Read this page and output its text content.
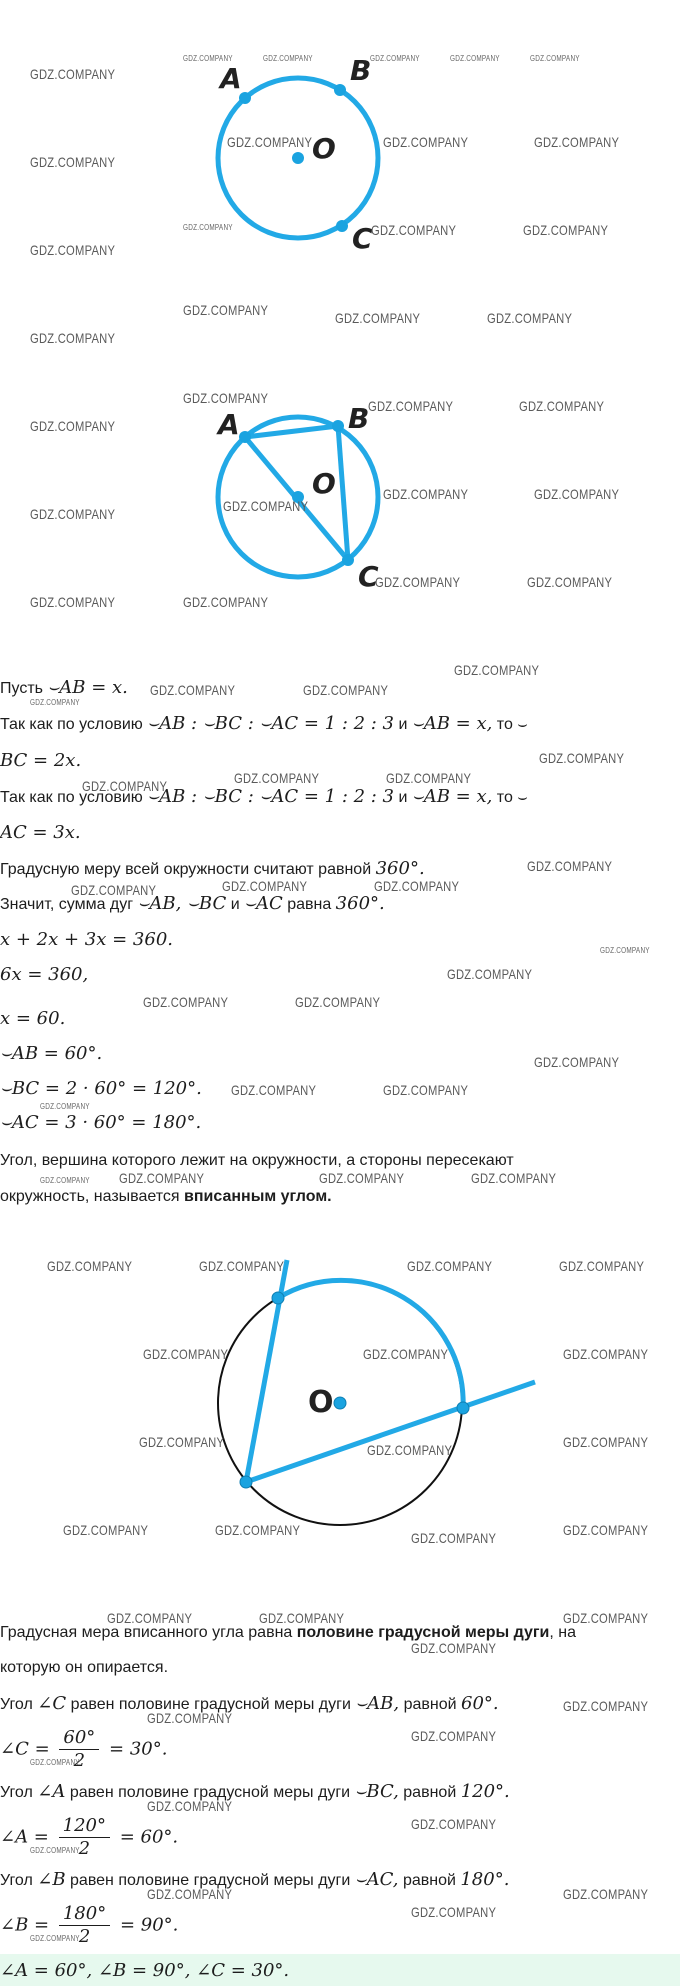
A	B
C
O
A	B
C
O
Пусть ⌣AB = x.
Так как по условию ⌣AB : ⌣BC : ⌣AC = 1 : 2 : 3 и ⌣AB = x, то ⌣
BC = 2x.
Так как по условию ⌣AB : ⌣BC : ⌣AC = 1 : 2 : 3 и ⌣AB = x, то ⌣
AC = 3x.
Градусную меру всей окружности считают равной 360°.
Значит, сумма дуг ⌣AB, ⌣BC и ⌣AC равна 360°.
x + 2x + 3x = 360.
6x = 360,
x = 60.
⌣AB = 60°.
⌣BC = 2 · 60° = 120°.
⌣AC = 3 · 60° = 180°.
Угол, вершина которого лежит на окружности, а стороны пересекают
окружность, называется вписанным углом.
O
Градусная мера вписанного угла равна половине градусной меры дуги, на
которую он опирается.
Угол ∠C равен половине градусной меры дуги ⌣AB, равной 60°.
∠C = $\frac{60^\circ}{2} = 30^\circ$.
Угол ∠A равен половине градусной меры дуги ⌣BC, равной 120°.
∠A = $\frac{120^\circ}{2} = 60^\circ$.
Угол ∠B равен половине градусной меры дуги ⌣AC, равной 180°.
∠B = $\frac{180^\circ}{2} = 90^\circ$.
∠A = 60°, ∠B = 90°, ∠C = 30°.
GDZ.COMPANY
GDZ.COMPANY	GDZ.COMPANY	GDZ.COMPANY	GDZ.COMPANY	GDZ.COMPANY
GDZ.COMPANY	GDZ.COMPANY	GDZ.COMPANY
GDZ.COMPANY
GDZ.COMPANY	GDZ.COMPANY	GDZ.COMPANY
GDZ.COMPANY
GDZ.COMPANY	GDZ.COMPANY	GDZ.COMPANY
GDZ.COMPANY
GDZ.COMPANY	GDZ.COMPANY	GDZ.COMPANY
GDZ.COMPANY
GDZ.COMPANY
GDZ.COMPANY	GDZ.COMPANY
GDZ.COMPANY
GDZ.COMPANY	GDZ.COMPANY
GDZ.COMPANY	GDZ.COMPANY
GDZ.COMPANY
GDZ.COMPANY	GDZ.COMPANY
GDZ.COMPANY
GDZ.COMPANY
GDZ.COMPANY	GDZ.COMPANY	GDZ.COMPANY
GDZ.COMPANY
GDZ.COMPANY	GDZ.COMPANY	GDZ.COMPANY
GDZ.COMPANY
GDZ.COMPANY
GDZ.COMPANY	GDZ.COMPANY
GDZ.COMPANY
GDZ.COMPANY	GDZ.COMPANY
GDZ.COMPANY
GDZ.COMPANY GDZ.COMPANY	GDZ.COMPANY	GDZ.COMPANY
GDZ.COMPANY	GDZ.COMPANY	GDZ.COMPANY	GDZ.COMPANY
GDZ.COMPANY	GDZ.COMPANY	GDZ.COMPANY
GDZ.COMPANY	GDZ.COMPANY	GDZ.COMPANY
GDZ.COMPANY	GDZ.COMPANY	GDZ.COMPANY	GDZ.COMPANY
GDZ.COMPANY	GDZ.COMPANY	GDZ.COMPANY
GDZ.COMPANY
GDZ.COMPANY
GDZ.COMPANY
GDZ.COMPANY
GDZ.COMPANY
GDZ.COMPANY
GDZ.COMPANY
GDZ.COMPANY
GDZ.COMPANY	GDZ.COMPANY
GDZ.COMPANY
GDZ.COMPANY
